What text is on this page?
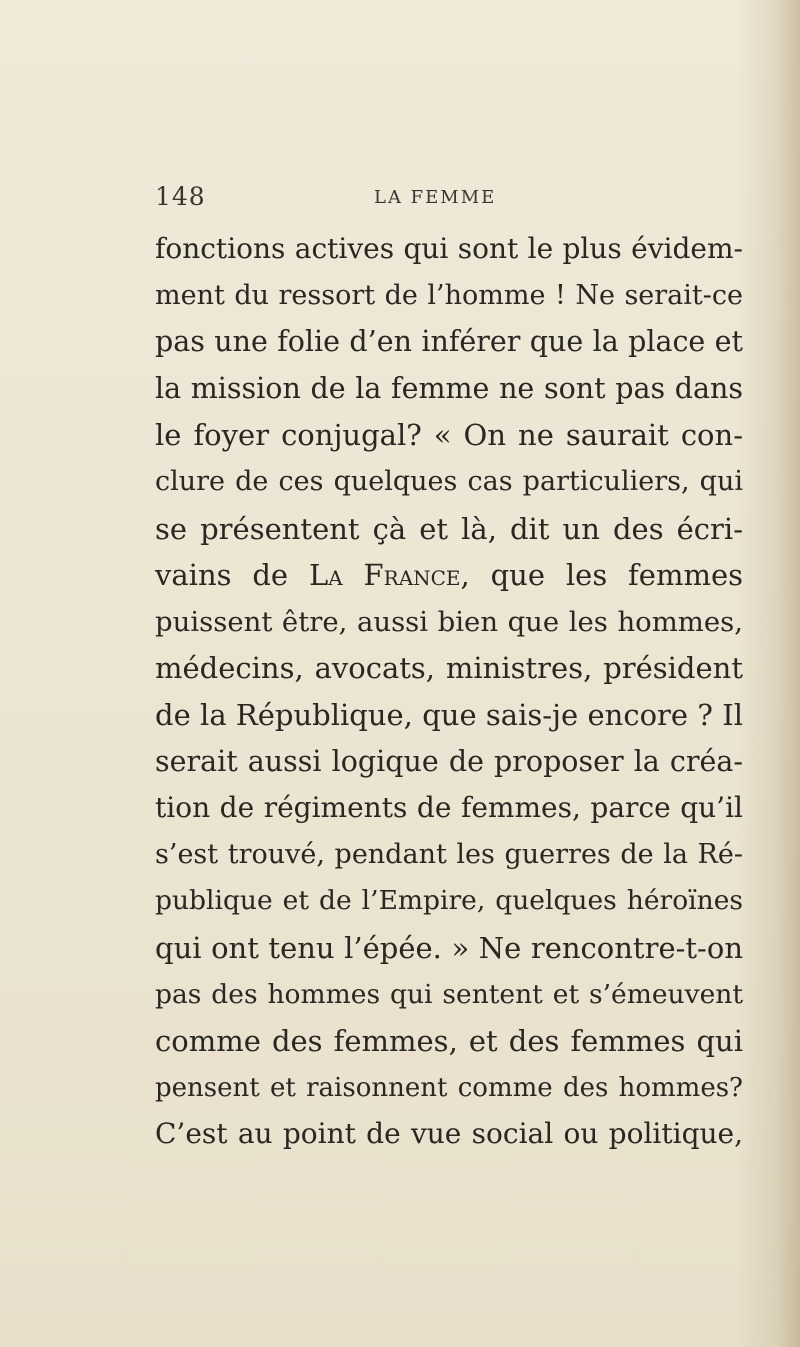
148	LA FEMME
fonctions actives qui sont le plus évidem-
ment du ressort de l’homme ! Ne serait-ce
pas une folie d’en inférer que la place et
la mission de la femme ne sont pas dans
le foyer conjugal? « On ne saurait con-
clure de ces quelques cas particuliers, qui
se présentent çà et là, dit un des écri-
vains de La France, que les femmes
puissent être, aussi bien que les hommes,
médecins, avocats, ministres, président
de la République, que sais-je encore ? Il
serait aussi logique de proposer la créa-
tion de régiments de femmes, parce qu’il
s’est trouvé, pendant les guerres de la Ré-
publique et de l’Empire, quelques héroïnes
qui ont tenu l’épée. » Ne rencontre-t-on
pas des hommes qui sentent et s’émeuvent
comme des femmes, et des femmes qui
pensent et raisonnent comme des hommes?
C’est au point de vue social ou politique,
